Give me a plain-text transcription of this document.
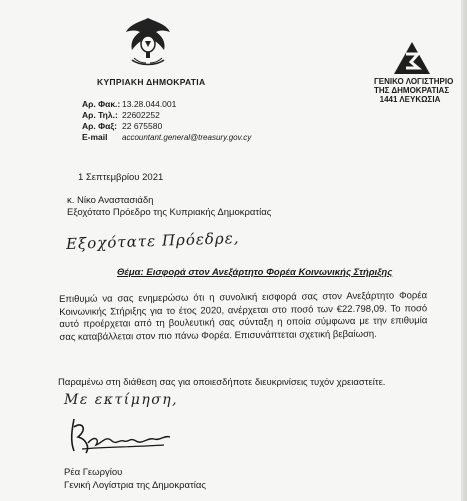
ΚΥΠΡΙΑΚΗ ΔΗΜΟΚΡΑΤΙΑ	ΓΕΝΙΚΟ ΛΟΓΙΣΤΗΡΙΟ
ΤΗΣ ΔΗΜΟΚΡΑΤΙΑΣ
1441 ΛΕΥΚΩΣΙΑ
Αρ. Φακ.: 13.28.044.001
Αρ. Τηλ.: 22602252
Αρ. Φαξ: 22 675580
E-mail	accountant.general@treasury.gov.cy
1 Σεπτεμβρίου 2021
κ. Νίκο Αναστασιάδη
Εξοχότατο Πρόεδρο της Κυπριακής Δημοκρατίας
Εξοχότατε Πρόεδρε,
Θέμα: Εισφορά στον Ανεξάρτητο Φορέα Κοινωνικής Στήριξης
Επιθυμώ να σας ενημερώσω ότι η συνολική εισφορά σας στον Ανεξάρτητο Φορέα Κοινωνικής Στήριξης για το έτος 2020, ανέρχεται στο ποσό των €22.798,09. Το ποσό αυτό προέρχεται από τη βουλευτική σας σύνταξη η οποία σύμφωνα με την επιθυμία σας καταβάλλεται στον πιο πάνω Φορέα. Επισυνάπτεται σχετική βεβαίωση.
Παραμένω στη διάθεση σας για οποιεσδήποτε διευκρινίσεις τυχόν χρειαστείτε.
Με εκτίμηση,
Ρέα Γεωργίου
Γενική Λογίστρια της Δημοκρατίας
